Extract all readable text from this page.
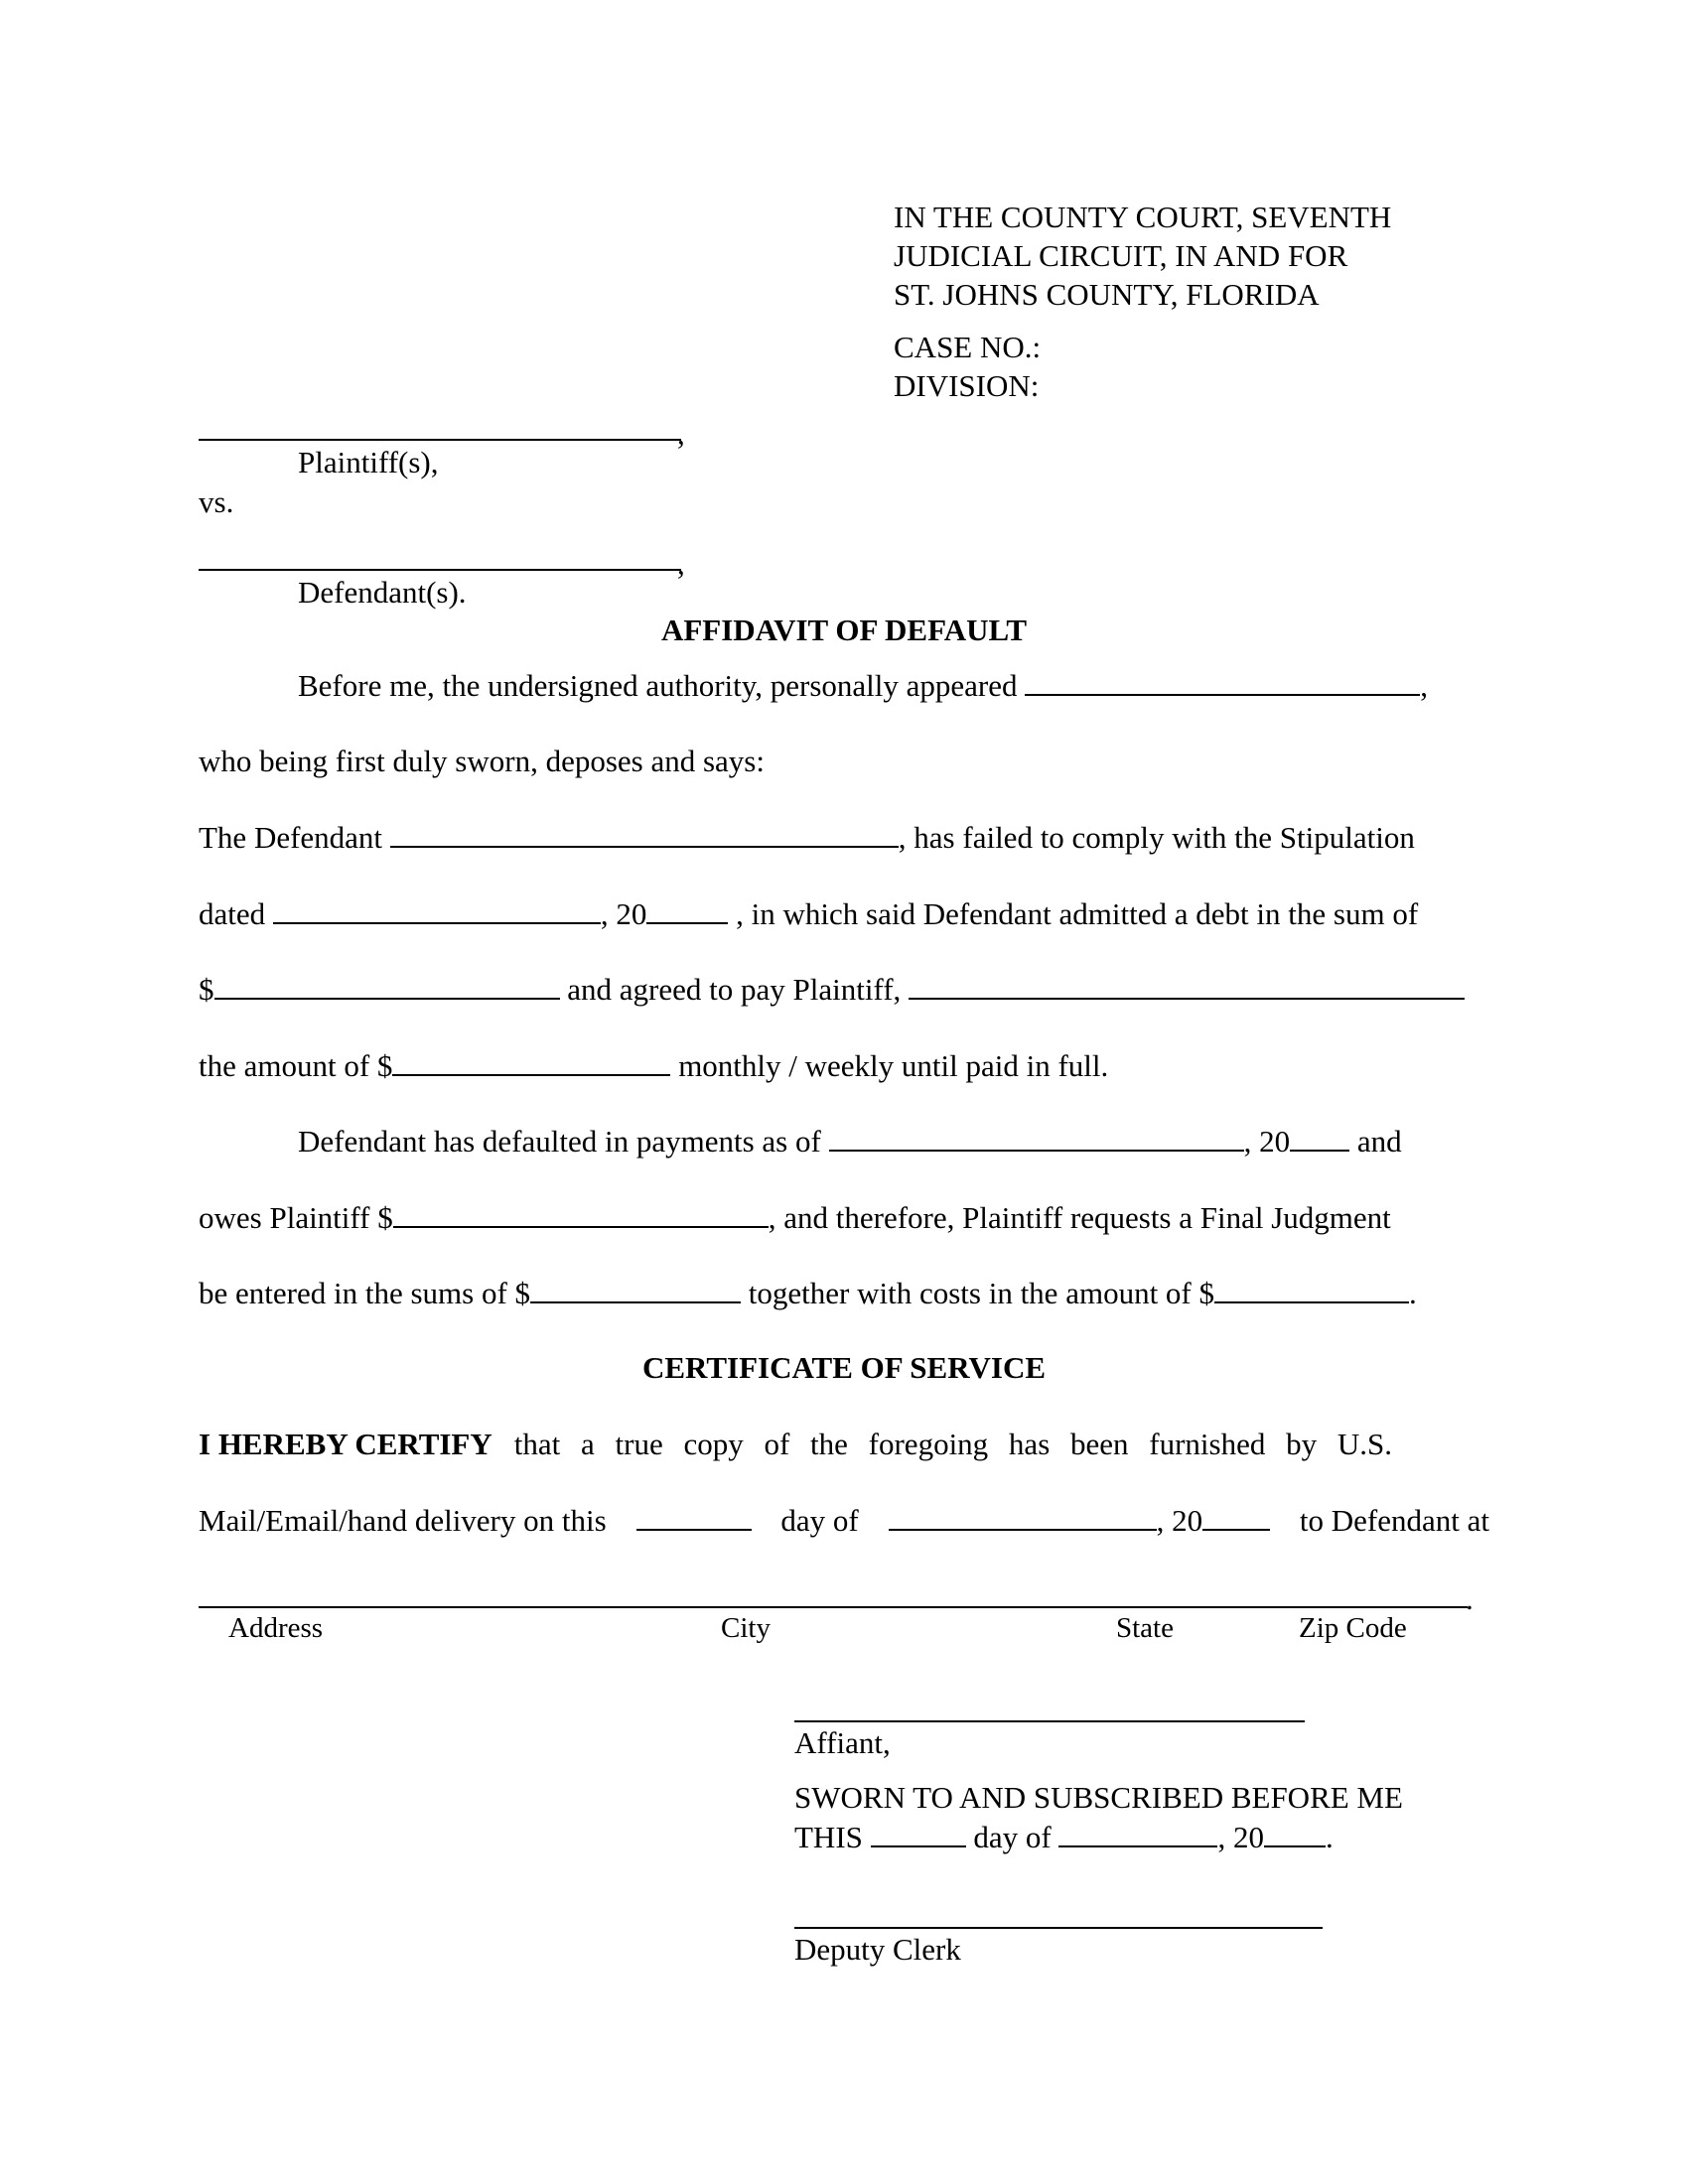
IN THE COUNTY COURT, SEVENTH
JUDICIAL CIRCUIT, IN AND FOR
ST. JOHNS COUNTY, FLORIDA
CASE NO.:
DIVISION:
,
Plaintiff(s),
vs.
,
Defendant(s).
AFFIDAVIT OF DEFAULT
Before me, the undersigned authority, personally appeared	,
who being first duly sworn, deposes and says:
The Defendant	, has failed to comply with the Stipulation
dated	, 20	, in which said Defendant admitted a debt in the sum of
$	and agreed to pay Plaintiff,
the amount of $	monthly / weekly until paid in full.
Defendant has defaulted in payments as of	, 20 and
owes Plaintiff $	, and therefore, Plaintiff requests a Final Judgment
be entered in the sums of $	together with costs in the amount of $	.
CERTIFICATE OF SERVICE
I HEREBY CERTIFY that a true copy of the foregoing has been furnished by U.S.
Mail/Email/hand delivery on this	day of	, 20	to Defendant at
.
Address	City	State	Zip Code
Affiant,
SWORN TO AND SUBSCRIBED BEFORE ME
THIS	day of	, 20 .
Deputy Clerk
